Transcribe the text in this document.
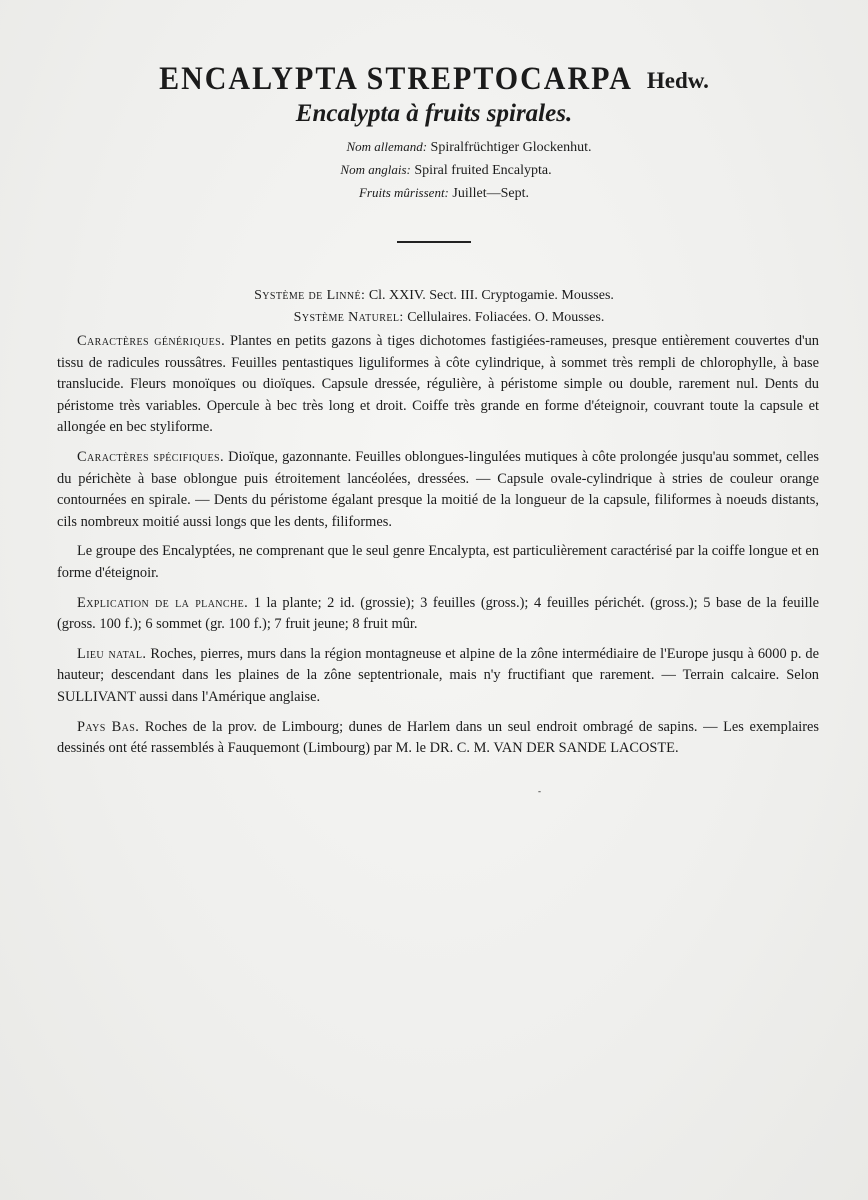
ENCALYPTA STREPTOCARPA Hedw.
Encalypta à fruits spirales.
Nom allemand: Spiralfrüchtiger Glockenhut.
Nom anglais: Spiral fruited Encalypta.
Fruits mûrissent: Juillet—Sept.
Système de Linné: Cl. XXIV. Sect. III. Cryptogamie. Mousses.
Système Naturel: Cellulaires. Foliacées. O. Mousses.

Caractères génériques. Plantes en petits gazons à tiges dichotomes fastigiées-rameuses, presque entièrement couvertes d'un tissu de radicules roussâtres. Feuilles pentastiques liguliformes à côte cylindrique, à sommet très rempli de chlorophylle, à base translucide. Fleurs monoïques ou dioïques. Capsule dressée, régulière, à péristome simple ou double, rarement nul. Dents du péristome très variables. Opercule à bec très long et droit. Coiffe très grande en forme d'éteignoir, couvrant toute la capsule et allongée en bec styliforme.

Caractères spécifiques. Dioïque, gazonnante. Feuilles oblongues-lingulées mutiques à côte prolongée jusqu'au sommet, celles du périchète à base oblongue puis étroitement lancéolées, dressées. — Capsule ovale-cylindrique à stries de couleur orange contournées en spirale. — Dents du péristome égalant presque la moitié de la longueur de la capsule, filiformes à noeuds distants, cils nombreux moitié aussi longs que les dents, filiformes.

Le groupe des Encalyptées, ne comprenant que le seul genre Encalypta, est particulièrement caractérisé par la coiffe longue et en forme d'éteignoir.

Explication de la planche. 1 la plante; 2 id. (grossie); 3 feuilles (gross.); 4 feuilles périchét. (gross.); 5 base de la feuille (gross. 100 f.); 6 sommet (gr. 100 f.); 7 fruit jeune; 8 fruit mûr.

Lieu natal. Roches, pierres, murs dans la région montagneuse et alpine de la zône intermédiaire de l'Europe jusqu à 6000 p. de hauteur; descendant dans les plaines de la zône septentrionale, mais n'y fructifiant que rarement. — Terrain calcaire. Selon SULLIVANT aussi dans l'Amérique anglaise.

Pays Bas. Roches de la prov. de Limbourg; dunes de Harlem dans un seul endroit ombragé de sapins. — Les exemplaires dessinés ont été rassemblés à Fauquemont (Limbourg) par M. le DR. C. M. VAN DER SANDE LACOSTE.

-
